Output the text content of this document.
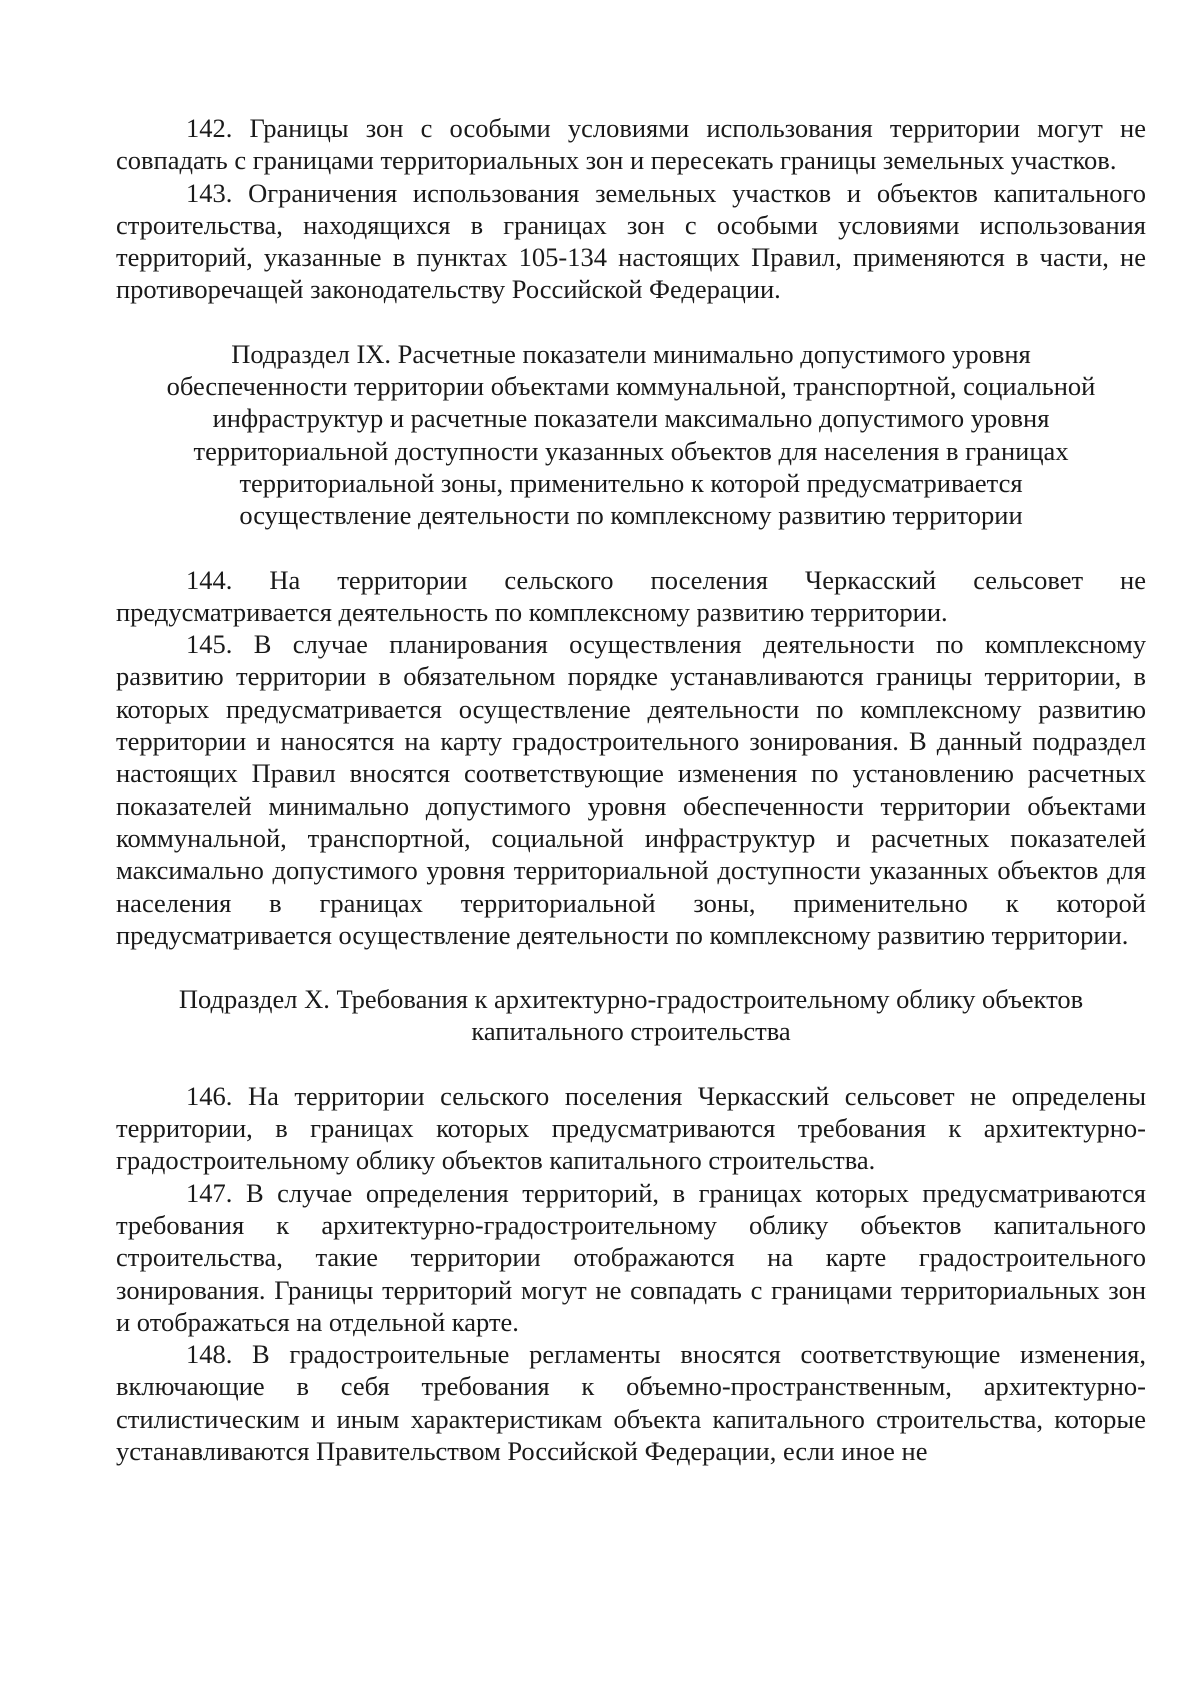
142. Границы зон с особыми условиями использования территории могут не совпадать с границами территориальных зон и пересекать границы земельных участков.

143. Ограничения использования земельных участков и объектов капитального строительства, находящихся в границах зон с особыми условиями использования территорий, указанные в пунктах 105-134 настоящих Правил, применяются в части, не противоречащей законодательству Российской Федерации.

Подраздел IX. Расчетные показатели минимально допустимого уровня обеспеченности территории объектами коммунальной, транспортной, социальной инфраструктур и расчетные показатели максимально допустимого уровня территориальной доступности указанных объектов для населения в границах территориальной зоны, применительно к которой предусматривается осуществление деятельности по комплексному развитию территории

144. На территории сельского поселения Черкасский сельсовет не предусматривается деятельность по комплексному развитию территории.

145. В случае планирования осуществления деятельности по комплексному развитию территории в обязательном порядке устанавливаются границы территории, в которых предусматривается осуществление деятельности по комплексному развитию территории и наносятся на карту градостроительного зонирования. В данный подраздел настоящих Правил вносятся соответствующие изменения по установлению расчетных показателей минимально допустимого уровня обеспеченности территории объектами коммунальной, транспортной, социальной инфраструктур и расчетных показателей максимально допустимого уровня территориальной доступности указанных объектов для населения в границах территориальной зоны, применительно к которой предусматривается осуществление деятельности по комплексному развитию территории.

Подраздел X. Требования к архитектурно-градостроительному облику объектов капитального строительства

146. На территории сельского поселения Черкасский сельсовет не определены территории, в границах которых предусматриваются требования к архитектурно-градостроительному облику объектов капитального строительства.

147. В случае определения территорий, в границах которых предусматриваются требования к архитектурно-градостроительному облику объектов капитального строительства, такие территории отображаются на карте градостроительного зонирования. Границы территорий могут не совпадать с границами территориальных зон и отображаться на отдельной карте.

148. В градостроительные регламенты вносятся соответствующие изменения, включающие в себя требования к объемно-пространственным, архитектурно-стилистическим и иным характеристикам объекта капитального строительства, которые устанавливаются Правительством Российской Федерации, если иное не
